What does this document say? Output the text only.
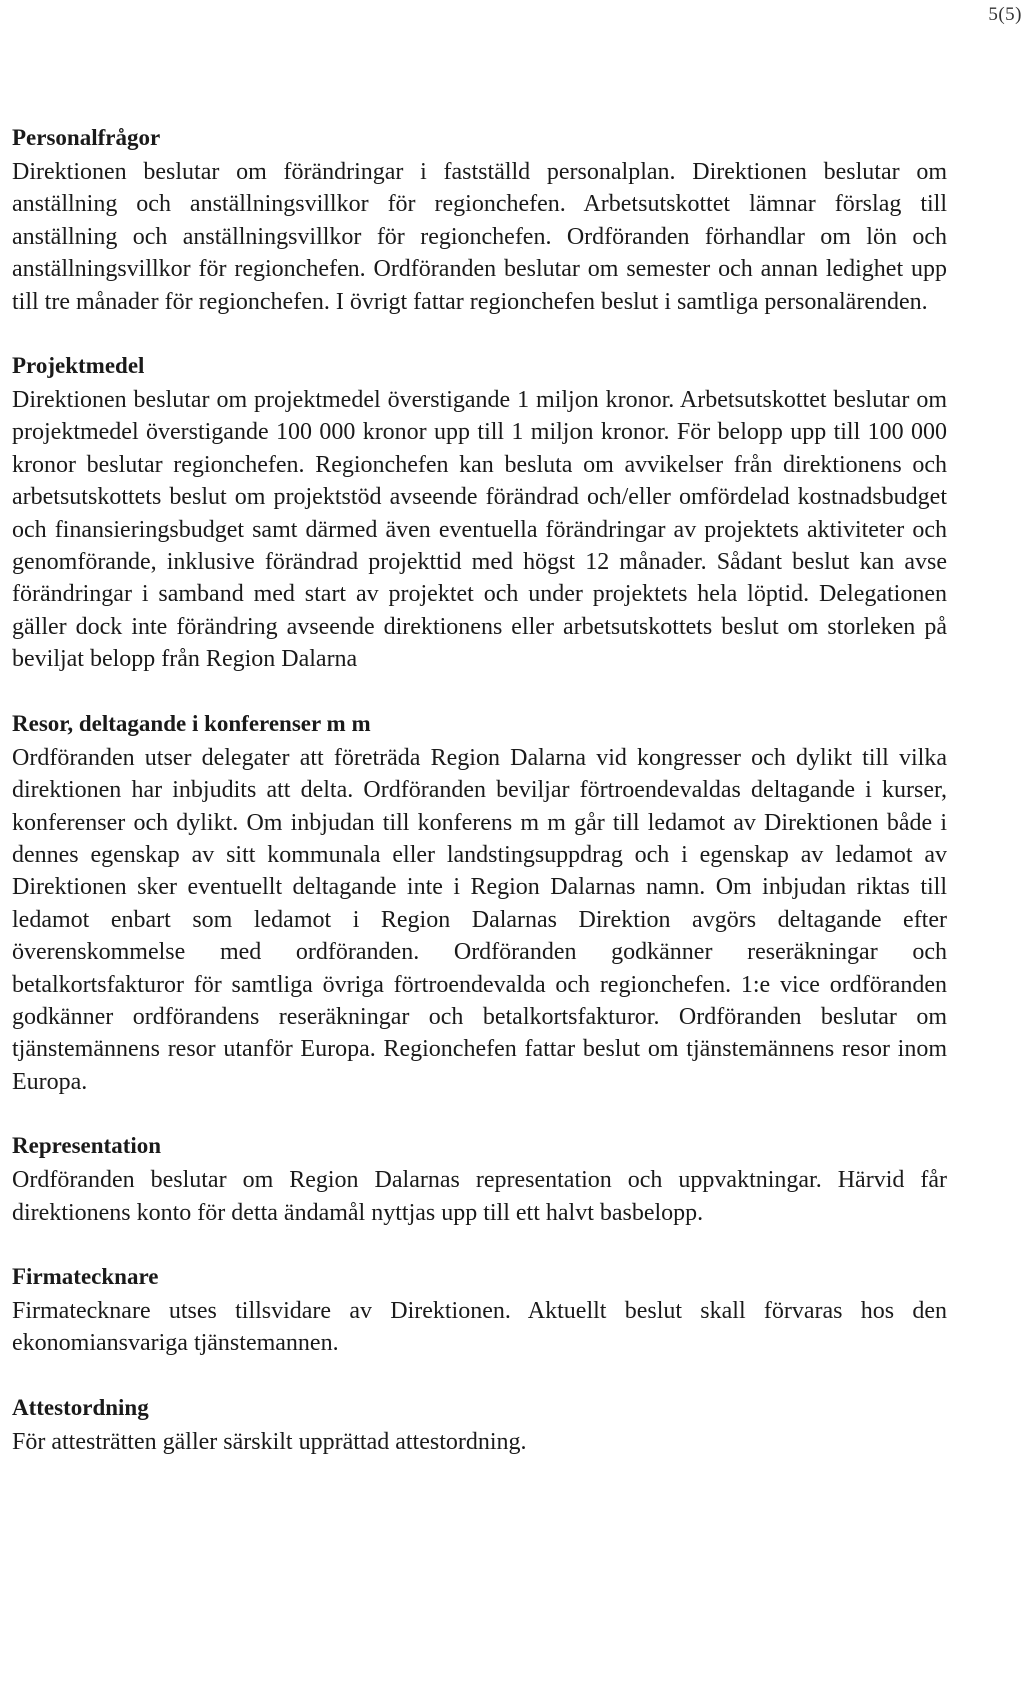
5(5)
Personalfrågor

Direktionen beslutar om förändringar i fastställd personalplan. Direktionen beslutar om anställning och anställningsvillkor för regionchefen. Arbetsutskottet lämnar förslag till anställning och anställningsvillkor för regionchefen. Ordföranden förhandlar om lön och anställningsvillkor för regionchefen. Ordföranden beslutar om semester och annan ledighet upp till tre månader för regionchefen. I övrigt fattar regionchefen beslut i samtliga personalärenden.

Projektmedel

Direktionen beslutar om projektmedel överstigande 1 miljon kronor. Arbetsutskottet beslutar om projektmedel överstigande 100 000 kronor upp till 1 miljon kronor. För belopp upp till 100 000 kronor beslutar regionchefen. Regionchefen kan besluta om avvikelser från direktionens och arbetsutskottets beslut om projektstöd avseende förändrad och/eller omfördelad kostnadsbudget och finansieringsbudget samt därmed även eventuella förändringar av projektets aktiviteter och genomförande, inklusive förändrad projekttid med högst 12 månader. Sådant beslut kan avse förändringar i samband med start av projektet och under projektets hela löptid. Delegationen gäller dock inte förändring avseende direktionens eller arbetsutskottets beslut om storleken på beviljat belopp från Region Dalarna

Resor, deltagande i konferenser m m

Ordföranden utser delegater att företräda Region Dalarna vid kongresser och dylikt till vilka direktionen har inbjudits att delta. Ordföranden beviljar förtroendevaldas deltagande i kurser, konferenser och dylikt. Om inbjudan till konferens m m går till ledamot av Direktionen både i dennes egenskap av sitt kommunala eller landstingsuppdrag och i egenskap av ledamot av Direktionen sker eventuellt deltagande inte i Region Dalarnas namn. Om inbjudan riktas till ledamot enbart som ledamot i Region Dalarnas Direktion avgörs deltagande efter överenskommelse med ordföranden. Ordföranden godkänner reseräkningar och betalkortsfakturor för samtliga övriga förtroendevalda och regionchefen. 1:e vice ordföranden godkänner ordförandens reseräkningar och betalkortsfakturor. Ordföranden beslutar om tjänstemännens resor utanför Europa. Regionchefen fattar beslut om tjänstemännens resor inom Europa.

Representation

Ordföranden beslutar om Region Dalarnas representation och uppvaktningar. Härvid får direktionens konto för detta ändamål nyttjas upp till ett halvt basbelopp.

Firmatecknare

Firmatecknare utses tillsvidare av Direktionen. Aktuellt beslut skall förvaras hos den ekonomiansvariga tjänstemannen.

Attestordning

För attesträtten gäller särskilt upprättad attestordning.
